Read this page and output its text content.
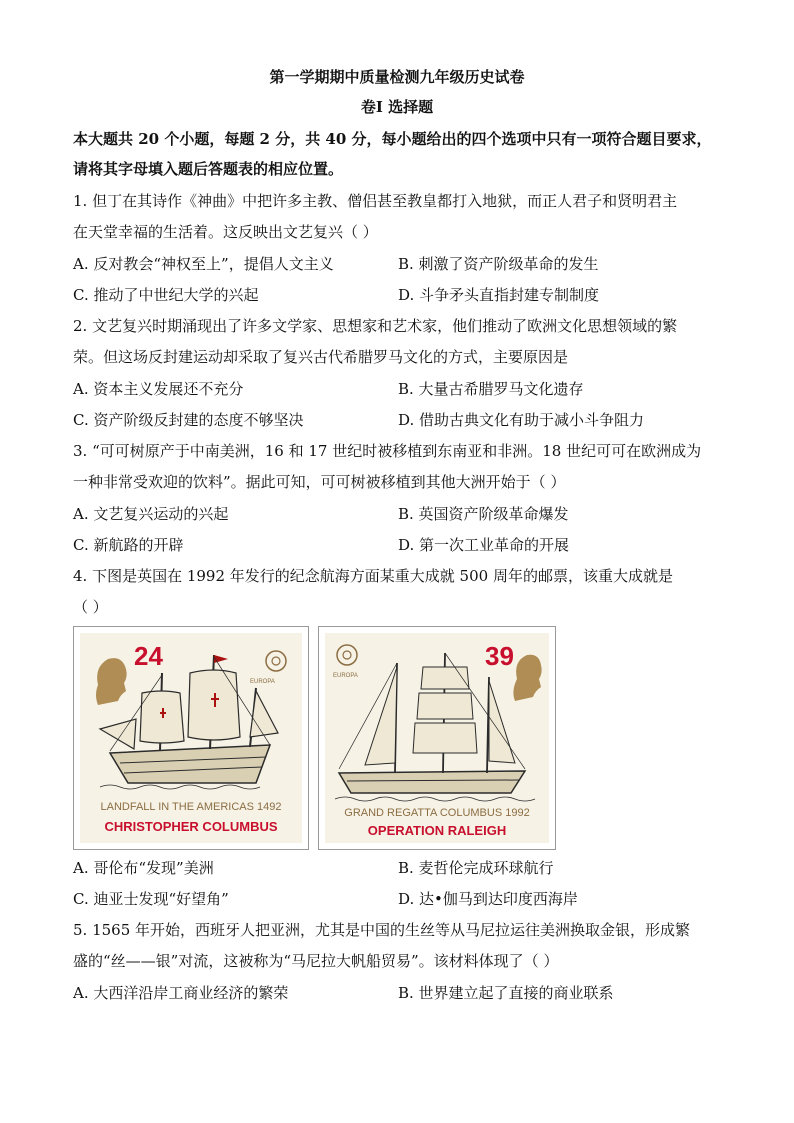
第一学期期中质量检测九年级历史试卷
卷Ⅰ 选择题
本大题共 20 个小题，每题 2 分，共 40 分，每小题给出的四个选项中只有一项符合题目要求，
请将其字母填入题后答题表的相应位置。
1. 但丁在其诗作《神曲》中把许多主教、僧侣甚至教皇都打入地狱，而正人君子和贤明君主
在天堂幸福的生活着。这反映出文艺复兴（ ）
A. 反对教会“神权至上”，提倡人文主义	B. 刺激了资产阶级革命的发生
C. 推动了中世纪大学的兴起	D. 斗争矛头直指封建专制制度
2. 文艺复兴时期涌现出了许多文学家、思想家和艺术家，他们推动了欧洲文化思想领域的繁
荣。但这场反封建运动却采取了复兴古代希腊罗马文化的方式，主要原因是
A. 资本主义发展还不充分	B. 大量古希腊罗马文化遗存
C. 资产阶级反封建的态度不够坚决	D. 借助古典文化有助于减小斗争阻力
3. “可可树原产于中南美洲，16 和 17 世纪时被移植到东南亚和非洲。18 世纪可可在欧洲成为
一种非常受欢迎的饮料”。据此可知，可可树被移植到其他大洲开始于（ ）
A. 文艺复兴运动的兴起	B. 英国资产阶级革命爆发
C. 新航路的开辟	D. 第一次工业革命的开展
4. 下图是英国在 1992 年发行的纪念航海方面某重大成就 500 周年的邮票，该重大成就是
（ ）
24
EUROPA
LANDFALL IN THE AMERICAS 1492
CHRISTOPHER COLUMBUS
39
EUROPA
GRAND REGATTA COLUMBUS 1992
OPERATION RALEIGH
A. 哥伦布“发现”美洲	B. 麦哲伦完成环球航行
C. 迪亚士发现“好望角”	D. 达•伽马到达印度西海岸
5. 1565 年开始，西班牙人把亚洲，尤其是中国的生丝等从马尼拉运往美洲换取金银，形成繁
盛的“丝——银”对流，这被称为“马尼拉大帆船贸易”。该材料体现了（ ）
A. 大西洋沿岸工商业经济的繁荣	B. 世界建立起了直接的商业联系
